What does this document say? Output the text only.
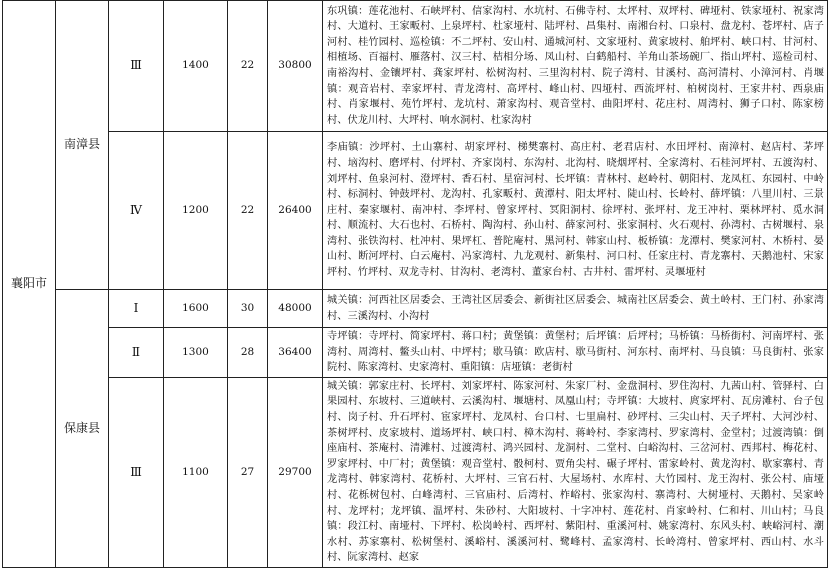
襄阳市	南漳县	Ⅲ	1400	22	30800	东巩镇：莲花池村、石峡坪村、信家沟村、水坑村、石佛寺村、太坪村、双坪村、碑垭村、铁家垭村、祝家湾村、大道村、王家畈村、上泉坪村、杜家垭村、陆坪村、昌集村、南湘台村、口泉村、盘龙村、苍坪村、店子河村、桂竹园村、巡检镇：不二坪村、安山村、通城河村、文家垭村、黄家坡村、舶坪村、峡口村、甘河村、相植场、百福村、雁落村、汉三村、桔相分场、凤山村、白鹤船村、羊角山茶场碗厂、指山坪村、巡检司村、南裕沟村、金镶坪村、龚家坪村、松树沟村、三里沟村村、院子湾村、甘溪村、高河清村、小漳河村、肖堰镇：观音岩村、幸家坪村、青龙湾村、高坪村、峰山村、四垭村、西流坪村、柏树岗村、王家井村、西泉庙村、肖家堰村、苑竹坪村、龙坑村、萧家沟村、观音堂村、曲阳坪村、花庄村、周湾村、狮子口村、陈家榜村、伏龙川村、大坪村、响水洞村、杜家沟村
		Ⅳ	1200	22	26400	李庙镇：沙坪村、土山寨村、胡家坪村、梯樊寨村、高庄村、老君店村、水田坪村、南漳村、赵店村、茅坪村、垴沟村、磨坪村、付坪村、齐家岗村、东沟村、北沟村、晓烟坪村、全家湾村、石桂河坪村、五渡沟村、刘坪村、鱼泉河村、澄坪村、香石村、星宿河村、长坪镇：青林村、赵岭村、朝阳村、龙凤杠、东园村、中岭村、标洞村、钟鼓坪村、龙沟村、孔家畈村、黄潭村、阳太坪村、陡山村、长岭村、薛坪镇：八里川村、三景庄村、秦家堰村、南冲村、李坪村、曾家坪村、冥阳洞村、徐坪村、张坪村、龙王冲村、栗林坪村、觅水洞村、顺流村、大石也村、石桥村、陶沟村、孙山村、薛家河村、张家洞村、火石观村、孙湾村、古树堰村、泉湾村、张铁沟村、杜冲村、果坪杠、普陀庵村、黑河村、韩家山村、板桥镇：龙潭村、樊家河村、木桥村、晏山村、断河坪村、白云庵村、冯家湾村、九龙观村、新集村、河口村、任家庄村、青龙寨村、天鹅池村、宋家坪村、竹坪村、双龙寺村、甘沟村、老湾村、董家台村、古井村、雷坪村、灵堰垭村
	保康县	Ⅰ	1600	30	48000	城关镇：河西社区居委会、王湾社区居委会、新街社区居委会、城南社区居委会、黄土岭村、王门村、孙家湾村、三溪沟村、小沟村
		Ⅱ	1300	28	36400	寺坪镇：寺坪村、简家坪村、蒋口村；黄堡镇：黄堡村；后坪镇：后坪村；马桥镇：马桥街村、河南坪村、张湾村、周湾村、鳖头山村、中坪村；歇马镇：欧店村、歇马街村、河东村、南坪村、马良镇：马良街村、张家院村、陈家湾村、史家湾村、重阳镇：店垭镇：老街村
		Ⅲ	1100	27	29700	城关镇：郭家庄村、长坪村、刘家坪村、陈家河村、朱家厂村、金盘洞村、罗住沟村、九茜山村、管驿村、白果园村、东坡村、三道峡村、云溪沟村、堰塘村、凤凰山村；寺坪镇：大坡村、庹家坪村、瓦房滩村、台子包村、岗子村、升石坪村、宦家坪村、龙凤村、台口村、七里扁村、砂坪村、三尖山村、天子坪村、大河沙村、茶树坪村、皮家坡村、道场坪村、峡口村、樟木沟村、蒋岭村、李家湾村、罗家湾村、金堂村；过渡湾镇：倒座庙村、茶庵村、清滩村、过渡湾村、鸿兴园村、龙洞村、二堂村、白峪沟村、三岔河村、西邦村、梅花村、罗家坪村、中厂村；黄堡镇：观音堂村、骰柯村、贾角尖村、碾子坪村、雷家岭村、黄龙沟村、歇家寨村、青龙湾村、韩家湾村、花桥村、大坪村、三官石村、大屋场村、水库村、大竹园村、龙王沟村、张公村、庙垭村、花栎树包村、白峰湾村、三官庙村、后湾村、柞峪村、张家沟村、寨湾村、大树垭村、天鹅村、吴家岭村、龙坪村；龙坪镇、温坪村、朱砂村、大阳坡村、十字冲村、莲花村、肖家岭村、仁和村、川山村；马良镇：段江村、南垭村、下坪村、松岗岭村、西坪村、紫阳村、重溪河村、姚家湾村、东风头村、峡峪河村、潮水村、苏家寨村、松树堡村、溪峪村、溪溪河村、鹭峰村、孟家湾村、长岭湾村、曾家坪村、西山村、水斗村、阮家湾村、赵家
